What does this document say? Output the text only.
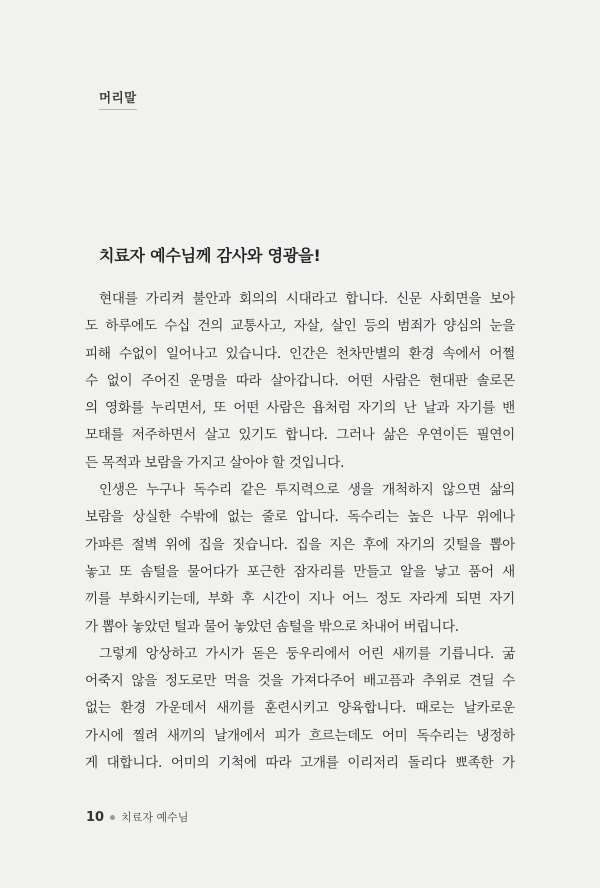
머리말
치료자 예수님께 감사와 영광을!
현대를 가리켜 불안과 회의의 시대라고 합니다. 신문 사회면을 보아
도 하루에도 수십 건의 교통사고, 자살, 살인 등의 범죄가 양심의 눈을
피해 수없이 일어나고 있습니다. 인간은 천차만별의 환경 속에서 어쩔
수 없이 주어진 운명을 따라 살아갑니다. 어떤 사람은 현대판 솔로몬
의 영화를 누리면서, 또 어떤 사람은 욥처럼 자기의 난 날과 자기를 밴
모태를 저주하면서 살고 있기도 합니다. 그러나 삶은 우연이든 필연이
든 목적과 보람을 가지고 살아야 할 것입니다.
인생은 누구나 독수리 같은 투지력으로 생을 개척하지 않으면 삶의
보람을 상실한 수밖에 없는 줄로 압니다. 독수리는 높은 나무 위에나
가파른 절벽 위에 집을 짓습니다. 집을 지은 후에 자기의 깃털을 뽑아
놓고 또 솜털을 물어다가 포근한 잠자리를 만들고 알을 낳고 품어 새
끼를 부화시키는데, 부화 후 시간이 지나 어느 정도 자라게 되면 자기
가 뽑아 놓았던 털과 물어 놓았던 솜털을 밖으로 차내어 버립니다.
그렇게 앙상하고 가시가 돋은 둥우리에서 어린 새끼를 기릅니다. 굶
어죽지 않을 정도로만 먹을 것을 가져다주어 배고픔과 추위로 견딜 수
없는 환경 가운데서 새끼를 훈련시키고 양육합니다. 때로는 날카로운
가시에 찔려 새끼의 날개에서 피가 흐르는데도 어미 독수리는 냉정하
게 대합니다. 어미의 기척에 따라 고개를 이리저리 돌리다 뾰족한 가
10 치료자 예수님
